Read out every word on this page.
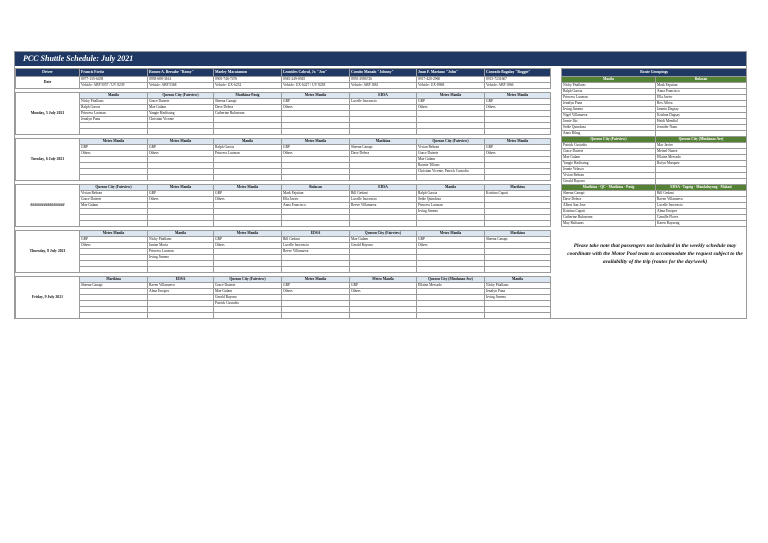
PCC Shuttle Schedule: July 2021
Driver	Francis Fortiz	Romeo A. Bersabe "Romy"	Marley Macatamon	Leonides Cabral, Jr. "Jon"	Comito Manalo "Johnny"	Juan F. Mariano "John"	Conrado Bagalay "Boggie"
Date	0977-135-6458	0958-688-3614	0905-746-7476	0945-249-0945	0955-2986726	0917-420-2960	0915-7231607
	Vehicle: ABP 5057 / UV 8239	Vehicle: ABP 5368	Vehicle: UX-6232	Vehicle: UX-6227 / UV 8238	Vehicle: ABP 1861	Vehicle: UX-8968	Vehicle: ABP 1866

Monday, 5 July 2021	Manila	Quezon City (Fairview)	Marikina-Pasig	Metro Manila	EDSA	Metro Manila	Metro Manila
	Nicky Pitallano	Grace Duterte	Sheena Canapi	GRP	Lucelle Inocencio	GRP	GRP
	Ralph Garcia	Mae Gulam	Dave Delera	Others		Others	Others
	Princess Lucman	Yangie Harlitaing	Catherine Buluseran				
	Jenalyn Puna	Christian Vicente					

Tuesday, 6 July 2021	Metro Manila	Metro Manila	Manila	Metro Manila	Marikina	Quezon City (Fairview)	Metro Manila
	GRP	GRP	Ralph Garcia	GRP	Sheena Canapi	Vivian Beltran	GRP
	Others	Others	Princess Lucman	Others	Dave Delera	Grace Duterte	Others
						Mae Gulam	
						Ronnie Tillano	
						Christian Vicente, Patrick Custodio	

##################	Quezon City (Fairview)	Metro Manila	Metro Manila	Bulacan	EDSA	Manila	Marikina
	Vivian Beltran	GRP	GRP	Mark Fajutian	Bill Gedani	Ralph Garcia	Kristina Capati
	Grace Duterte	Others	Others	Ella Javier	Lucelle Inocencio	Sedie Quindoza	
	Mae Gulam			Anna Francisco	Reeve Villanueva	Princess Lucman	
						Irving Jimeno	

Thursday, 8 July 2021	Metro Manila	Manila	Metro Manila	EDSA	Quezon City (Fairview)	Metro Manila	Marikina
	GRP	Nicky Pitallano	GRP	Bill Gedani	Mae Gulam	GRP	Sheena Canapi
	Others	Janine Morta	Others	Lucelle Inocencio	Gerald Bayona	Others	
		Princess Lucman		Reeve Villanueva			
		Irving Jimeno					

Friday, 9 July 2021	Marikina	EDSA	Quezon City (Fairview)	Metro Manila	Metro Manila	Quezon City (Mindanao Ave)	Manila
	Sheena Canapi	Raven Villanueva	Grace Duterte	GRP	GRP	Ellaine Mercado	Nicky Pitallano
		Alma Enciper	Mae Gulam	Others	Others		Jenalyn Puna
			Gerald Bayona				Irving Jimeno
			Patrick Custodio				

Route Groupings	
Manila	Bulacan
Nicky Pitallano	Mark Fajutian
Ralph Garcia	Anna Francisco
Princess Lucman	Ella Javier
Jenalyn Puna	Rex Allera
Irving Jimeno	Jasmin Dagsay
Nigel Villanueva	Krishna Dagsay
Jomie Ilio	Heidi Mendiol
Sedie Quindoza	Jennifer Nano
Anna Bihag	
Quezon City (Fairview)	Quezon City (Mindanao Ave)
Patrick Custodio	Mac Javier
Grace Duterte	Meinel Nunez
Mae Gulam	Ellaine Mercado
Yangie Harlitaing	Rofyn Marquez
Jeanie Velasco	
Vivian Beltran	
Gerald Bayona	
Marikina - QC - Marikina - Pasig	EDSA - Taguig - Mandaluyong - Makati
Sheena Canapi	Bill Gedani
Dave Delera	Raven Villanueva
Albert San Jose	Lucelle Inocencio
Kristina Capati	Alma Enciper
Catherine Buluseran	Camille Flores
May Balisaras	Karen Bayaong
Please take note that passengers not included in the weekly schedule may coordinate with the Motor Pool team to accommodate the request subject to the availability of the trip (routes for the day/week)
